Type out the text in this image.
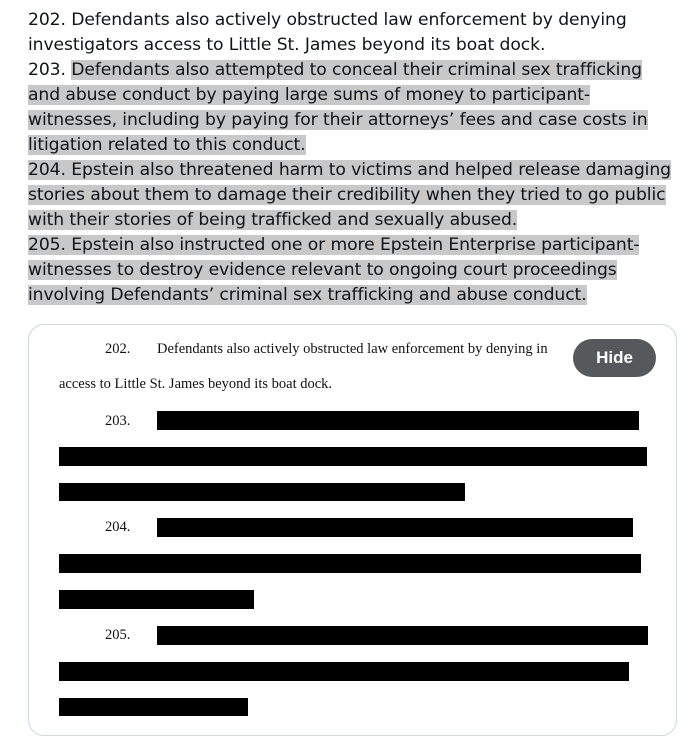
202. Defendants also actively obstructed law enforcement by denying
investigators access to Little St. James beyond its boat dock.
203. Defendants also attempted to conceal their criminal sex trafficking
and abuse conduct by paying large sums of money to participant-
witnesses, including by paying for their attorneys’ fees and case costs in
litigation related to this conduct.
204. Epstein also threatened harm to victims and helped release damaging
stories about them to damage their credibility when they tried to go public
with their stories of being trafficked and sexually abused.
205. Epstein also instructed one or more Epstein Enterprise participant-
witnesses to destroy evidence relevant to ongoing court proceedings
involving Defendants’ criminal sex trafficking and abuse conduct.
202. Defendants also actively obstructed law enforcement by denying in
access to Little St. James beyond its boat dock.
203.
204.
205.
Hide
